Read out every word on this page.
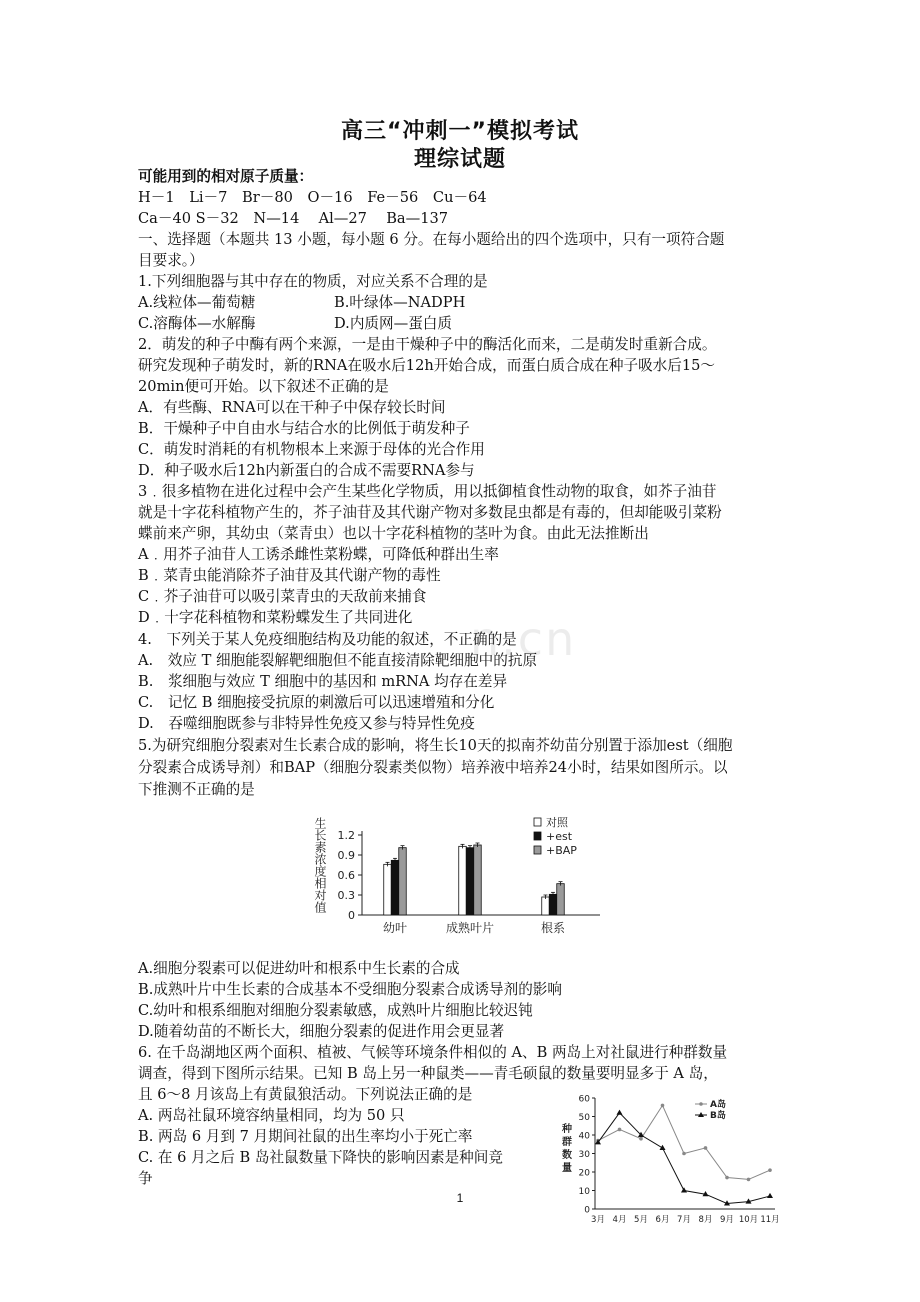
高三“冲刺一”模拟考试
理综试题
可能用到的相对原子质量：
H－1　Li－7　Br－80　O－16　Fe－56　Cu－64
Ca－40 S－32　N—14　 Al—27　 Ba—137
一、选择题（本题共 13 小题，每小题 6 分。在每小题给出的四个选项中，只有一项符合题
目要求。）
1.下列细胞器与其中存在的物质，对应关系不合理的是
A.线粒体—葡萄糖	B.叶绿体—NADPH
C.溶酶体—水解酶	D.内质网—蛋白质
2．萌发的种子中酶有两个来源，一是由干燥种子中的酶活化而来，二是萌发时重新合成。
研究发现种子萌发时，新的RNA在吸水后12h开始合成，而蛋白质合成在种子吸水后15～
20min便可开始。以下叙述不正确的是
A．有些酶、RNA可以在干种子中保存较长时间
B．干燥种子中自由水与结合水的比例低于萌发种子
C．萌发时消耗的有机物根本上来源于母体的光合作用
D．种子吸水后12h内新蛋白的合成不需要RNA参与
3﹒很多植物在进化过程中会产生某些化学物质，用以抵御植食性动物的取食，如芥子油苷
就是十字花科植物产生的，芥子油苷及其代谢产物对多数昆虫都是有毒的，但却能吸引菜粉
蝶前来产卵，其幼虫（菜青虫）也以十字花科植物的茎叶为食。由此无法推断出
A﹒用芥子油苷人工诱杀雌性菜粉蝶，可降低种群出生率
B﹒菜青虫能消除芥子油苷及其代谢产物的毒性
C﹒芥子油苷可以吸引菜青虫的天敌前来捕食
D﹒十字花科植物和菜粉蝶发生了共同进化
4.　下列关于某人免疫细胞结构及功能的叙述，不正确的是
A.　效应 T 细胞能裂解靶细胞但不能直接清除靶细胞中的抗原
B.　浆细胞与效应 T 细胞中的基因和 mRNA 均存在差异
C.　记忆 B 细胞接受抗原的刺激后可以迅速增殖和分化
D.　吞噬细胞既参与非特异性免疫又参与特异性免疫
5.为研究细胞分裂素对生长素合成的影响，将生长10天的拟南芥幼苗分别置于添加est（细胞
分裂素合成诱导剂）和BAP（细胞分裂素类似物）培养液中培养24小时，结果如图所示。以
下推测不正确的是
生长素浓度相对值
0
0.3
0.6
0.9
1.2
幼叶	成熟叶片	根系
对照
+est
+BAP
A.细胞分裂素可以促进幼叶和根系中生长素的合成
B.成熟叶片中生长素的合成基本不受细胞分裂素合成诱导剂的影响
C.幼叶和根系细胞对细胞分裂素敏感，成熟叶片细胞比较迟钝
D.随着幼苗的不断长大，细胞分裂素的促进作用会更显著
6. 在千岛湖地区两个面积、植被、气候等环境条件相似的 A、B 两岛上对社鼠进行种群数量
调查，得到下图所示结果。已知 B 岛上另一种鼠类——青毛硕鼠的数量要明显多于 A 岛，
且 6～8 月该岛上有黄鼠狼活动。下列说法正确的是
A. 两岛社鼠环境容纳量相同，均为 50 只
B. 两岛 6 月到 7 月期间社鼠的出生率均小于死亡率
C. 在 6 月之后 B 岛社鼠数量下降快的影响因素是种间竞
争
0
10
20
30
40
50
60
种群数量
3月 4月 5月 6月 7月 8月 9月 10月 11月
A岛
B岛
n.cn
1
